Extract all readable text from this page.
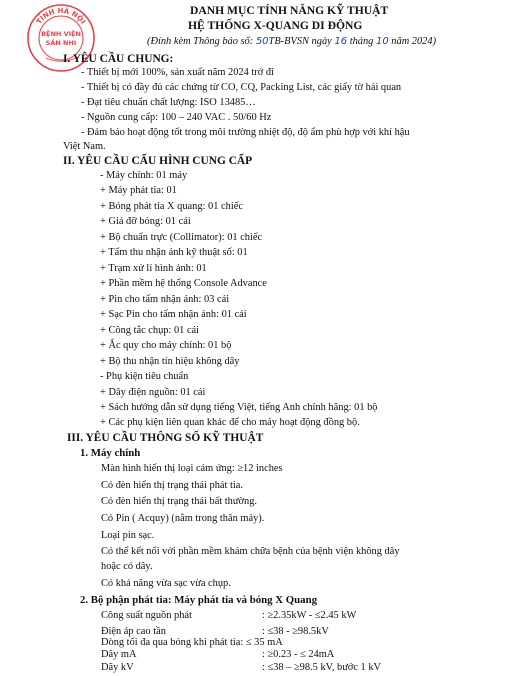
TỈNH HÀ NỘI
BỆNH VIỆN
SẢN NHI
DANH MỤC TÍNH NĂNG KỸ THUẬT
HỆ THỐNG X-QUANG DI ĐỘNG
(Đính kèm Thông báo số: 50TB-BVSN ngày 16 tháng 10 năm 2024)
I. YÊU CẦU CHUNG:
- Thiết bị mới 100%, sản xuất năm 2024 trở đi
- Thiết bị có đầy đủ các chứng từ CO, CQ, Packing List, các giấy tờ hải quan
- Đạt tiêu chuẩn chất lượng: ISO 13485…
- Nguồn cung cấp: 100 – 240 VAC . 50/60 Hz
- Đảm bảo hoạt động tốt trong môi trường nhiệt độ, độ ẩm phù hợp với khí hậu
Việt Nam.
II. YÊU CẦU CẤU HÌNH CUNG CẤP
- Máy chính: 01 máy
+ Máy phát tia: 01
+ Bóng phát tia X quang: 01 chiếc
+ Giá đỡ bóng: 01 cái
+ Bộ chuẩn trực (Collimator): 01 chiếc
+ Tấm thu nhận ảnh kỹ thuật số: 01
+ Trạm xử lí hình ảnh: 01
+ Phần mềm hệ thống Console Advance
+ Pin cho tấm nhận ảnh: 03 cái
+ Sạc Pin cho tấm nhận ảnh: 01 cái
+ Công tắc chụp: 01 cái
+ Ắc quy cho máy chính: 01 bộ
+ Bộ thu nhận tín hiệu không dây
- Phụ kiện tiêu chuẩn
+ Dây điện nguồn: 01 cái
+ Sách hướng dẫn sử dụng tiếng Việt, tiếng Anh chính hãng: 01 bộ
+ Các phụ kiện liên quan khác để cho máy hoạt động đồng bộ.
III. YÊU CẦU THÔNG SỐ KỸ THUẬT
1. Máy chính
Màn hình hiển thị loại cảm ứng: ≥12 inches
Có đèn hiển thị trạng thái phát tia.
Có đèn hiển thị trạng thái bất thường.
Có Pin ( Acquy) (nằm trong thân máy).
Loại pin sạc.
Có thể kết nối với phần mềm khám chữa bệnh của bệnh viện không dây
hoặc có dây.
Có khả năng vừa sạc vừa chụp.
2. Bộ phận phát tia: Máy phát tia và bóng X Quang
Công suất nguồn phát	: ≥2.35kW - ≤2.45 kW
Điện áp cao tần	: ≤38 - ≥98.5kV
Dòng tối đa qua bóng khi phát tia: ≤ 35 mA
Dãy mA	: ≥0.23 - ≤ 24mA
Dãy kV	: ≤38 – ≥98.5 kV, bước 1 kV
